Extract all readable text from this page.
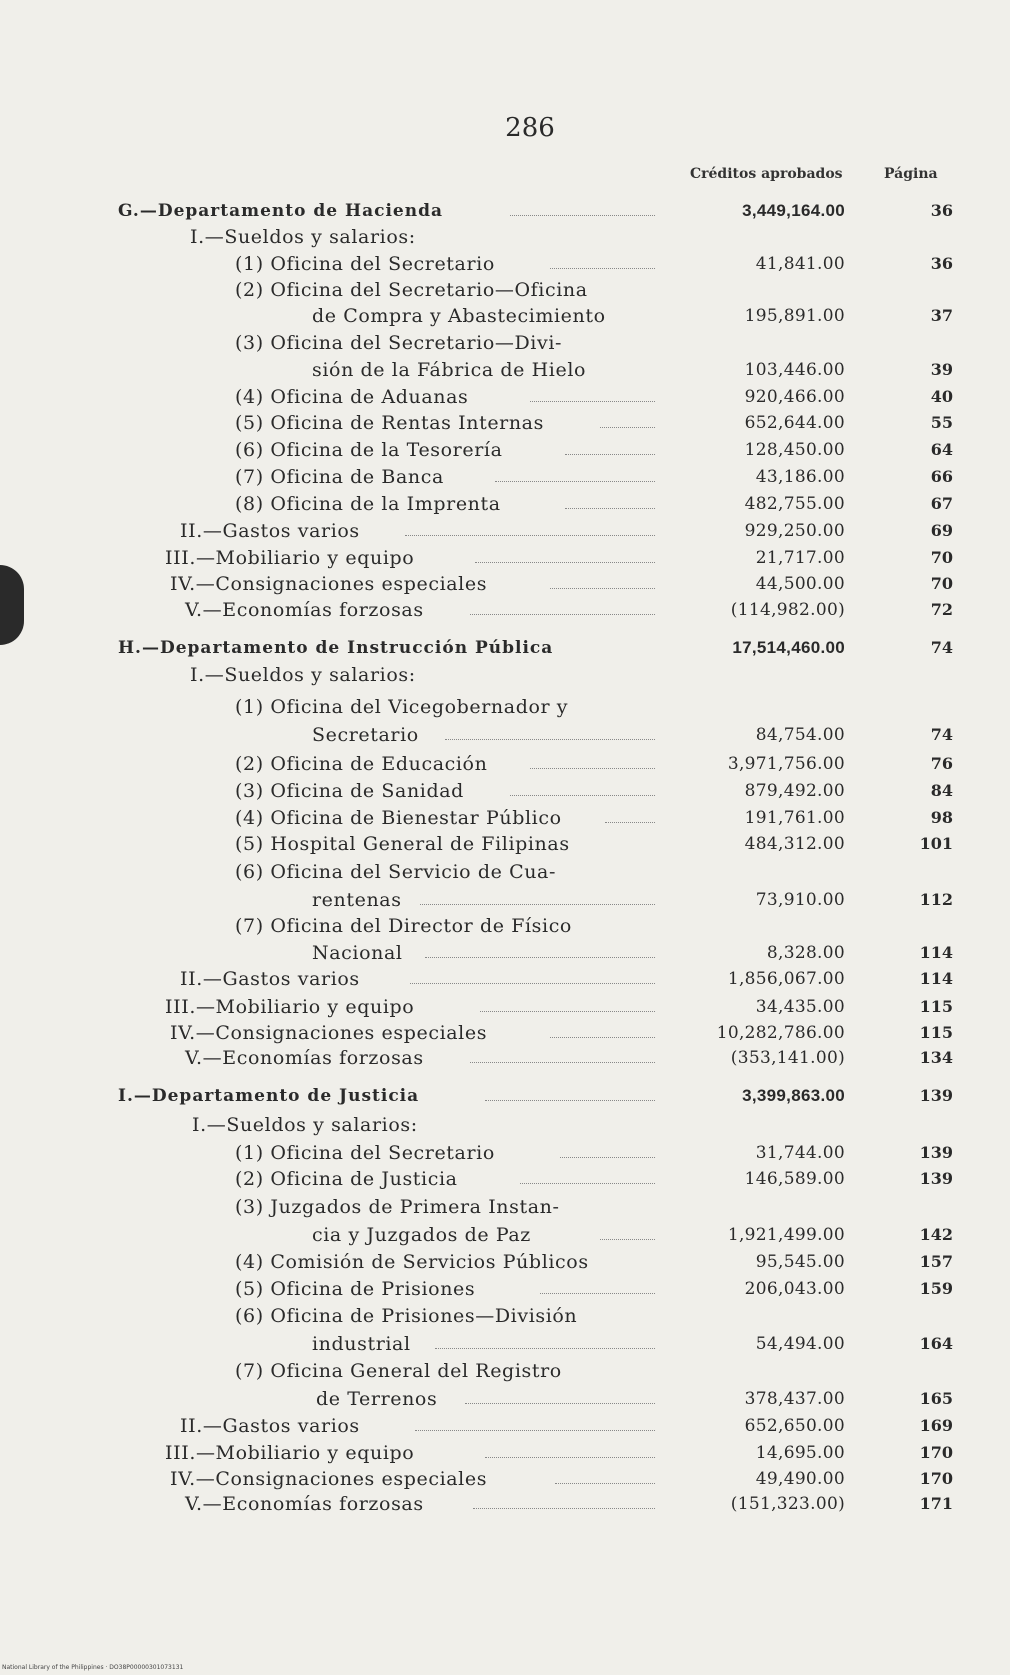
286
Créditos aprobados	Página
G.—Departamento de Hacienda	3,449,164.00	36
I.—Sueldos y salarios:
(1) Oficina del Secretario	41,841.00	36
(2) Oficina del Secretario—Oficina
de Compra y Abastecimiento	195,891.00	37
(3) Oficina del Secretario—Divi-
sión de la Fábrica de Hielo	103,446.00	39
(4) Oficina de Aduanas	920,466.00	40
(5) Oficina de Rentas Internas	652,644.00	55
(6) Oficina de la Tesorería	128,450.00	64
(7) Oficina de Banca	43,186.00	66
(8) Oficina de la Imprenta	482,755.00	67
II.—Gastos varios	929,250.00	69
III.—Mobiliario y equipo	21,717.00	70
IV.—Consignaciones especiales	44,500.00	70
V.—Economías forzosas	(114,982.00)	72
H.—Departamento de Instrucción Pública	17,514,460.00	74
I.—Sueldos y salarios:
(1) Oficina del Vicegobernador y
Secretario	84,754.00	74
(2) Oficina de Educación	3,971,756.00	76
(3) Oficina de Sanidad	879,492.00	84
(4) Oficina de Bienestar Público	191,761.00	98
(5) Hospital General de Filipinas	484,312.00	101
(6) Oficina del Servicio de Cua-
rentenas	73,910.00	112
(7) Oficina del Director de Físico
Nacional	8,328.00	114
II.—Gastos varios	1,856,067.00	114
III.—Mobiliario y equipo	34,435.00	115
IV.—Consignaciones especiales	10,282,786.00	115
V.—Economías forzosas	(353,141.00)	134
I.—Departamento de Justicia	3,399,863.00	139
I.—Sueldos y salarios:
(1) Oficina del Secretario	31,744.00	139
(2) Oficina de Justicia	146,589.00	139
(3) Juzgados de Primera Instan-
cia y Juzgados de Paz	1,921,499.00	142
(4) Comisión de Servicios Públicos	95,545.00	157
(5) Oficina de Prisiones	206,043.00	159
(6) Oficina de Prisiones—División
industrial	54,494.00	164
(7) Oficina General del Registro
de Terrenos	378,437.00	165
II.—Gastos varios	652,650.00	169
III.—Mobiliario y equipo	14,695.00	170
IV.—Consignaciones especiales	49,490.00	170
V.—Economías forzosas	(151,323.00)	171
National Library of the Philippines · DO38P00000301073131
